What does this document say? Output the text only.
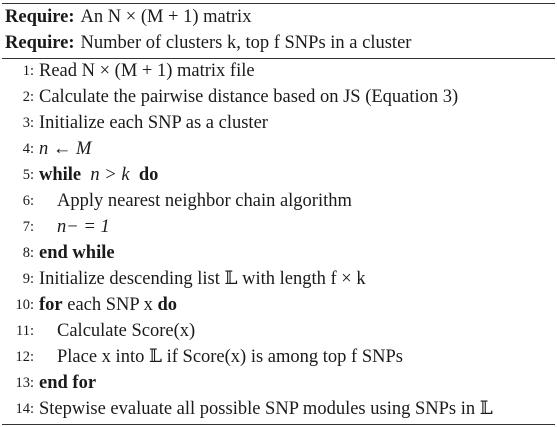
Require: An N × (M + 1) matrix
Require: Number of clusters k, top f SNPs in a cluster
1: Read N × (M + 1) matrix file
2: Calculate the pairwise distance based on JS (Equation 3)
3: Initialize each SNP as a cluster
4: n ← M
5: while n > k do
6: Apply nearest neighbor chain algorithm
7: n− = 1
8: end while
9: Initialize descending list 𝕃 with length f × k
10: for each SNP x do
11: Calculate Score(x)
12: Place x into 𝕃 if Score(x) is among top f SNPs
13: end for
14: Stepwise evaluate all possible SNP modules using SNPs in 𝕃
